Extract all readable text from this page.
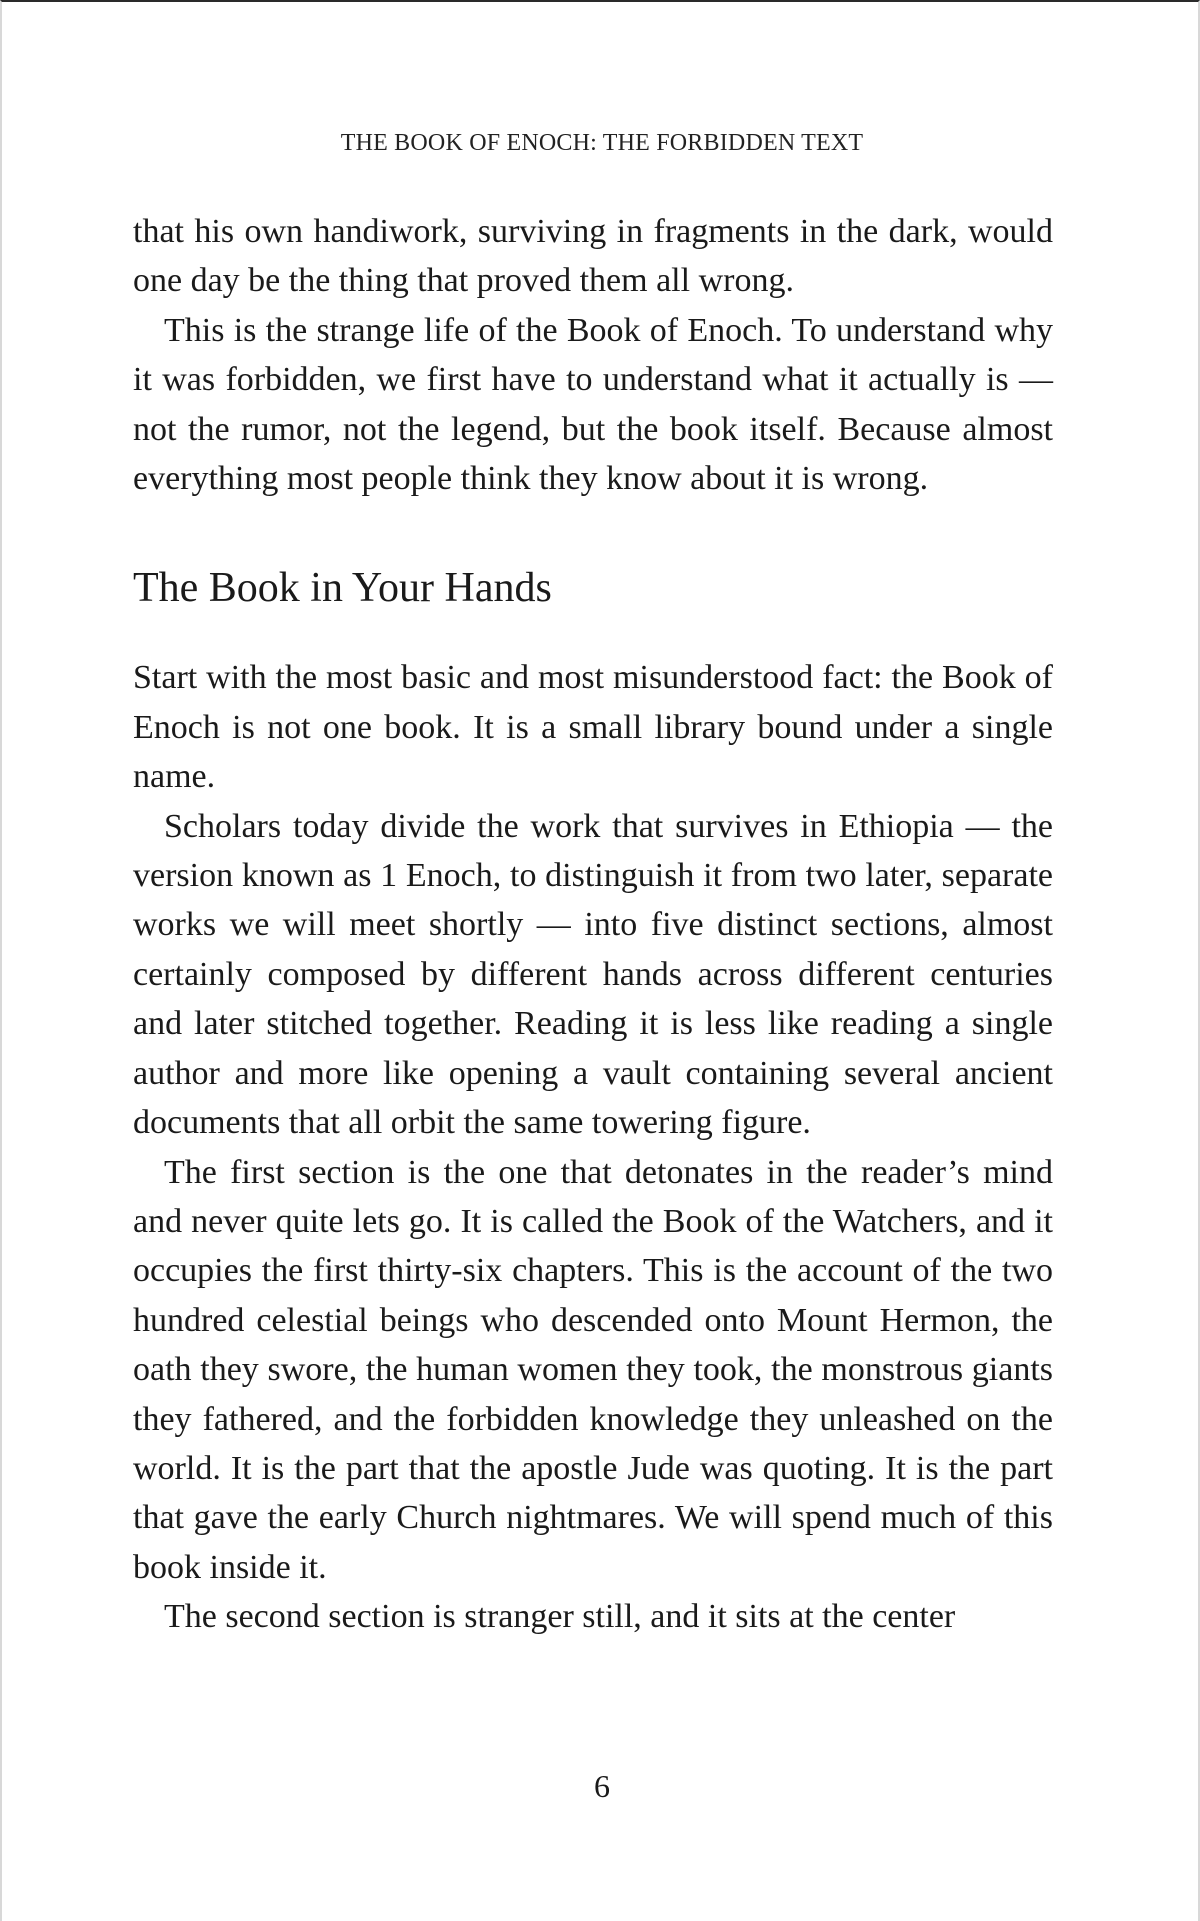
THE BOOK OF ENOCH: THE FORBIDDEN TEXT

that his own handiwork, surviving in fragments in the dark, would one day be the thing that proved them all wrong.

This is the strange life of the Book of Enoch. To understand why it was forbidden, we first have to understand what it actually is — not the rumor, not the legend, but the book itself. Because almost everything most people think they know about it is wrong.

The Book in Your Hands

Start with the most basic and most misunderstood fact: the Book of Enoch is not one book. It is a small library bound under a single name.

Scholars today divide the work that survives in Ethiopia — the version known as 1 Enoch, to distinguish it from two later, separate works we will meet shortly — into five distinct sections, almost certainly composed by different hands across different centuries and later stitched together. Reading it is less like reading a single author and more like opening a vault containing several ancient documents that all orbit the same towering figure.

The first section is the one that detonates in the reader’s mind and never quite lets go. It is called the Book of the Watchers, and it occupies the first thirty-six chapters. This is the account of the two hundred celestial beings who descended onto Mount Hermon, the oath they swore, the human women they took, the monstrous giants they fathered, and the forbidden knowledge they unleashed on the world. It is the part that the apostle Jude was quoting. It is the part that gave the early Church nightmares. We will spend much of this book inside it.

The second section is stranger still, and it sits at the center

6
